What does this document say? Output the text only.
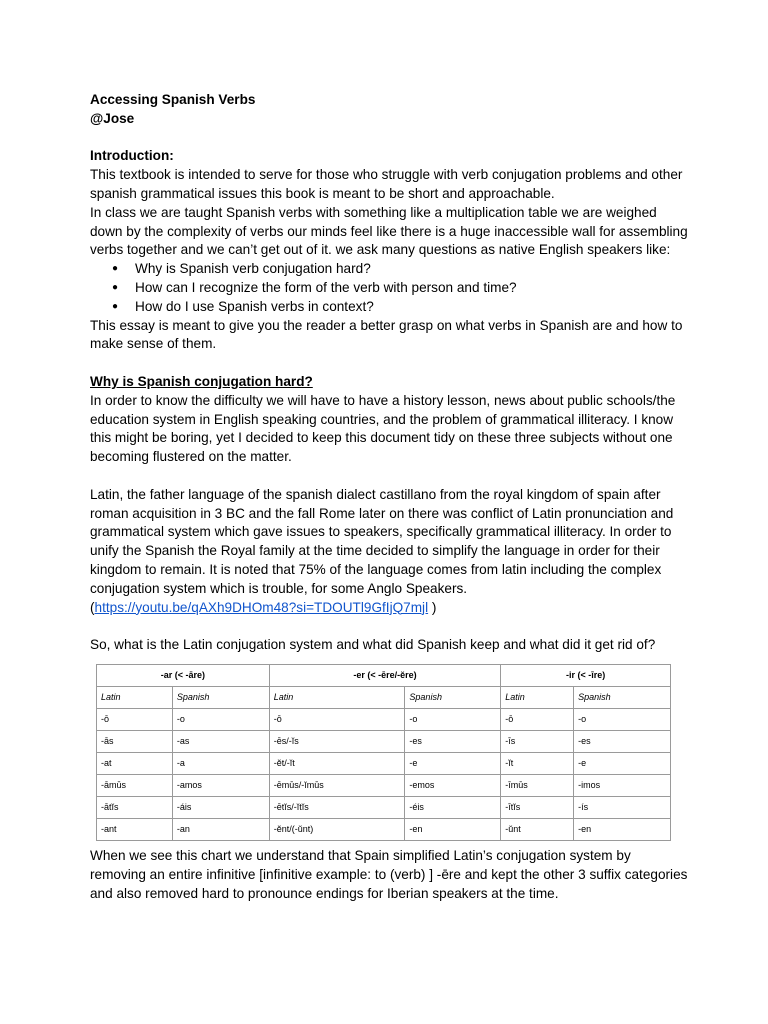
Accessing Spanish Verbs

@Jose

Introduction:

This textbook is intended to serve for those who struggle with verb conjugation problems and other spanish grammatical issues this book is meant to be short and approachable.

In class we are taught Spanish verbs with something like a multiplication table we are weighed down by the complexity of verbs our minds feel like there is a huge inaccessible wall for assembling verbs together and we can’t get out of it. we ask many questions as native English speakers like:

● Why is Spanish verb conjugation hard?
● How can I recognize the form of the verb with person and time?
● How do I use Spanish verbs in context?

This essay is meant to give you the reader a better grasp on what verbs in Spanish are and how to make sense of them.

Why is Spanish conjugation hard?

In order to know the difficulty we will have to have a history lesson, news about public schools/the education system in English speaking countries, and the problem of grammatical illiteracy. I know this might be boring, yet I decided to keep this document tidy on these three subjects without one becoming flustered on the matter.

Latin, the father language of the spanish dialect castillano from the royal kingdom of spain after roman acquisition in 3 BC and the fall Rome later on there was conflict of Latin pronunciation and grammatical system which gave issues to speakers, specifically grammatical illiteracy. In order to unify the Spanish the Royal family at the time decided to simplify the language in order for their kingdom to remain. It is noted that 75% of the language comes from latin including the complex conjugation system which is trouble, for some Anglo Speakers.

(https://youtu.be/qAXh9DHOm48?si=TDOUTl9GfIjQ7mjl )

So, what is the Latin conjugation system and what did Spanish keep and what did it get rid of?

-ar (< -āre)		-er (< -ēre/-ĕre)		-ir (< -īre)	
Latin	Spanish	Latin	Spanish	Latin	Spanish
-ō	-o	-ō	-o	-ō	-o
-ās	-as	-ēs/-ĭs	-es	-īs	-es
-at	-a	-ĕt/-ĭt	-e	-ĭt	-e
-āmūs	-amos	-ēmūs/-ĭmūs	-emos	-īmūs	-imos
-ātĭs	-áis	-ētĭs/-ĭtĭs	-éis	-ītĭs	-ís
-ant	-an	-ĕnt/(-ŭnt)	-en	-ŭnt	-en

When we see this chart we understand that Spain simplified Latin’s conjugation system by removing an entire infinitive [infinitive example: to (verb) ] -ēre and kept the other 3 suffix categories and also removed hard to pronounce endings for Iberian speakers at the time.
